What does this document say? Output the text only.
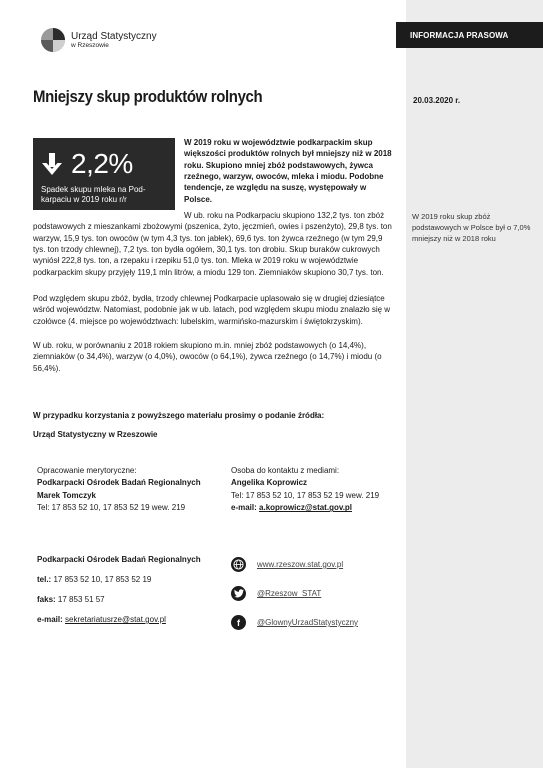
INFORMACJA PRASOWA
Urząd Statystyczny
w Rzeszowie
Mniejszy skup produktów rolnych	20.03.2020 r.
2,2%
Spadek skupu mleka na Pod-
karpaciu w 2019 roku r/r
W 2019 roku w województwie podkarpackim skup większości produktów rolnych był mniejszy niż w 2018 roku. Skupiono mniej zbóż podstawowych, żywca rzeźnego, warzyw, owoców, mleka i miodu. Podobne tendencje, ze względu na suszę, występowały w Polsce.
W ub. roku na Podkarpaciu skupiono 132,2 tys. ton zbóż podstawowych z mieszankami zbożowymi (pszenica, żyto, jęczmień, owies i pszenżyto), 29,8 tys. ton warzyw, 15,9 tys. ton owoców (w tym 4,3 tys. ton jabłek), 69,6 tys. ton żywca rzeźnego (w tym 29,9 tys. ton trzody chlewnej), 7,2 tys. ton bydła ogółem, 30,1 tys. ton drobiu. Skup buraków cukrowych wyniósł 222,8 tys. ton, a rzepaku i rzepiku 51,0 tys. ton. Mleka w 2019 roku w województwie podkarpackim skupy przyjęły 119,1 mln litrów, a miodu 129 ton. Ziemniaków skupiono 30,7 tys. ton.
Pod względem skupu zbóż, bydła, trzody chlewnej Podkarpacie uplasowało się w drugiej dziesiątce wśród województw. Natomiast, podobnie jak w ub. latach, pod względem skupu miodu znalazło się w czołówce (4. miejsce po województwach: lubelskim, warmińsko-mazurskim i świętokrzyskim).
W ub. roku, w porównaniu z 2018 rokiem skupiono m.in. mniej zbóż podstawowych (o 14,4%), ziemniaków (o 34,4%), warzyw (o 4,0%), owoców (o 64,1%), żywca rzeźnego (o 14,7%) i miodu (o 56,4%).
W 2019 roku skup zbóż podstawowych w Polsce był o 7,0% mniejszy niż w 2018 roku
W przypadku korzystania z powyższego materiału prosimy o podanie źródła:
Urząd Statystyczny w Rzeszowie
Opracowanie merytoryczne:
Podkarpacki Ośrodek Badań Regionalnych
Marek Tomczyk
Tel: 17 853 52 10, 17 853 52 19 wew. 219
Osoba do kontaktu z mediami:
Angelika Koprowicz
Tel: 17 853 52 10, 17 853 52 19 wew. 219
e-mail: a.koprowicz@stat.gov.pl
Podkarpacki Ośrodek Badań Regionalnych
tel.: 17 853 52 10, 17 853 52 19
faks: 17 853 51 57
e-mail: sekretariatusrze@stat.gov.pl
www.rzeszow.stat.gov.pl
@Rzeszow_STAT
f	@GlownyUrzadStatystyczny
